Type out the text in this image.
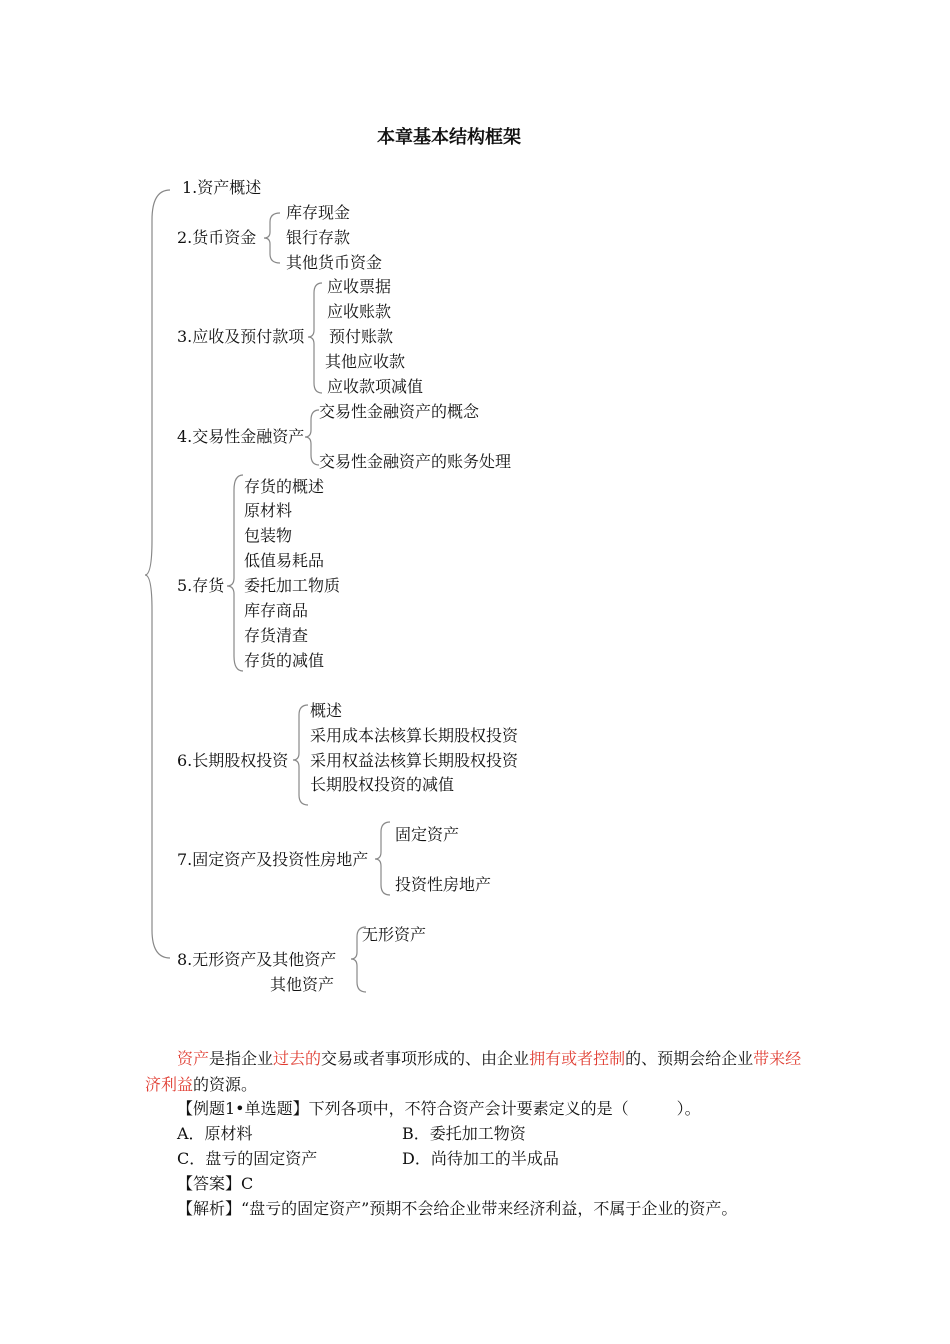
本章基本结构框架
1.资产概述
2.货币资金
3.应收及预付款项
4.交易性金融资产
5.存货
6.长期股权投资
7.固定资产及投资性房地产
8.无形资产及其他资产
其他资产
库存现金
银行存款
其他货币资金
应收票据
应收账款
预付账款
其他应收款
应收款项减值
交易性金融资产的概念
交易性金融资产的账务处理
存货的概述
原材料
包装物
低值易耗品
委托加工物质
库存商品
存货清查
存货的减值
概述
采用成本法核算长期股权投资
采用权益法核算长期股权投资
长期股权投资的减值
固定资产
投资性房地产
无形资产
资产是指企业过去的交易或者事项形成的、由企业拥有或者控制的、预期会给企业带来经济利益的资源。
【例题1•单选题】下列各项中，不符合资产会计要素定义的是（　　　）。
A．原材料	B．委托加工物资
C．盘亏的固定资产	D．尚待加工的半成品
【答案】C
【解析】“盘亏的固定资产”预期不会给企业带来经济利益，不属于企业的资产。
